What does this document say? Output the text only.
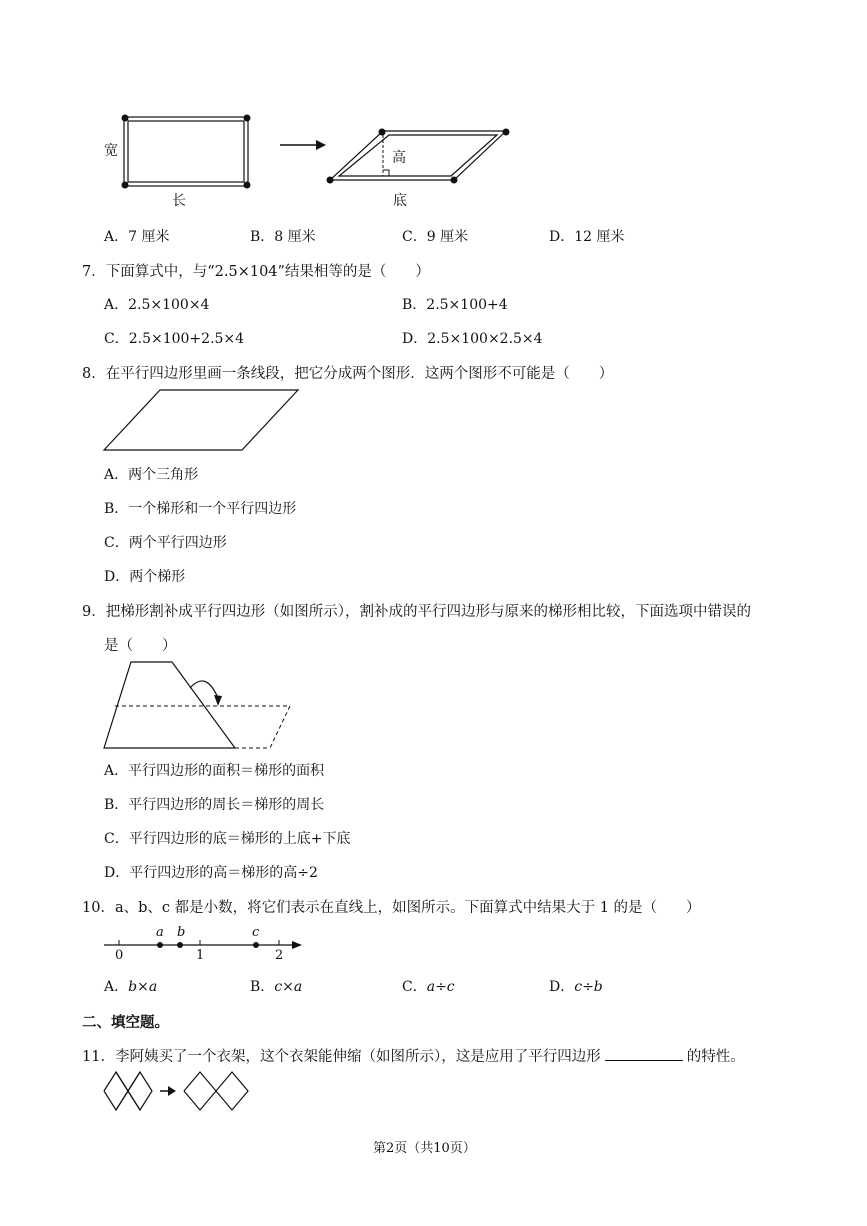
宽
长
高
底
A．7 厘米	B．8 厘米	C．9 厘米	D．12 厘米
7．下面算式中，与“2.5×104”结果相等的是（　　）
A．2.5×100×4	B．2.5×100+4
C．2.5×100+2.5×4	D．2.5×100×2.5×4
8．在平行四边形里画一条线段，把它分成两个图形．这两个图形不可能是（　　）
A．两个三角形
B．一个梯形和一个平行四边形
C．两个平行四边形
D．两个梯形
9．把梯形割补成平行四边形（如图所示），割补成的平行四边形与原来的梯形相比较，下面选项中错误的
是（　　）
A．平行四边形的面积＝梯形的面积
B．平行四边形的周长＝梯形的周长
C．平行四边形的底＝梯形的上底+下底
D．平行四边形的高＝梯形的高÷2
10．a、b、c 都是小数，将它们表示在直线上，如图所示。下面算式中结果大于 1 的是（　　）
a b	c
0	1	2
A．b×a	B．c×a	C．a÷c	D．c÷b
二、填空题。
11．李阿姨买了一个衣架，这个衣架能伸缩（如图所示），这是应用了平行四边形	的特性。
第2页（共10页）
